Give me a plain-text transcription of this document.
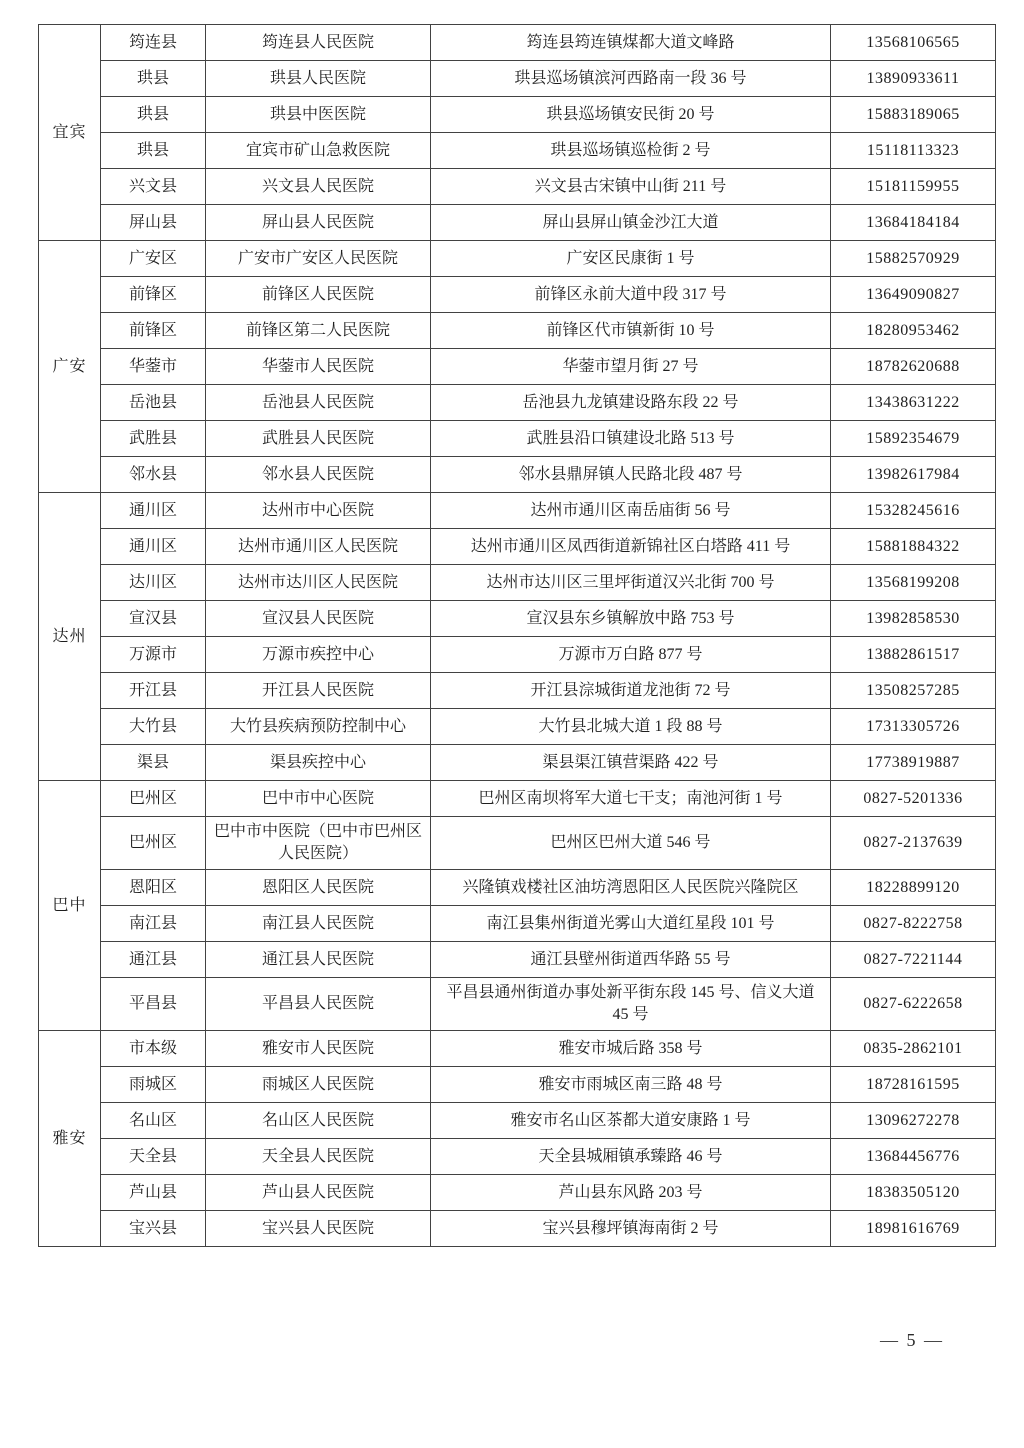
宜宾	筠连县	筠连县人民医院	筠连县筠连镇煤都大道文峰路	13568106565
	珙县	珙县人民医院	珙县巡场镇滨河西路南一段 36 号	13890933611
	珙县	珙县中医医院	珙县巡场镇安民街 20 号	15883189065
	珙县	宜宾市矿山急救医院	珙县巡场镇巡检街 2 号	15118113323
	兴文县	兴文县人民医院	兴文县古宋镇中山街 211 号	15181159955
	屏山县	屏山县人民医院	屏山县屏山镇金沙江大道	13684184184
广安	广安区	广安市广安区人民医院	广安区民康街 1 号	15882570929
	前锋区	前锋区人民医院	前锋区永前大道中段 317 号	13649090827
	前锋区	前锋区第二人民医院	前锋区代市镇新街 10 号	18280953462
	华蓥市	华蓥市人民医院	华蓥市望月街 27 号	18782620688
	岳池县	岳池县人民医院	岳池县九龙镇建设路东段 22 号	13438631222
	武胜县	武胜县人民医院	武胜县沿口镇建设北路 513 号	15892354679
	邻水县	邻水县人民医院	邻水县鼎屏镇人民路北段 487 号	13982617984
达州	通川区	达州市中心医院	达州市通川区南岳庙街 56 号	15328245616
	通川区	达州市通川区人民医院	达州市通川区凤西街道新锦社区白塔路 411 号	15881884322
	达川区	达州市达川区人民医院	达州市达川区三里坪街道汉兴北街 700 号	13568199208
	宣汉县	宣汉县人民医院	宣汉县东乡镇解放中路 753 号	13982858530
	万源市	万源市疾控中心	万源市万白路 877 号	13882861517
	开江县	开江县人民医院	开江县淙城街道龙池街 72 号	13508257285
	大竹县	大竹县疾病预防控制中心	大竹县北城大道 1 段 88 号	17313305726
	渠县	渠县疾控中心	渠县渠江镇营渠路 422 号	17738919887
巴中	巴州区	巴中市中心医院	巴州区南坝将军大道七干支；南池河街 1 号	0827-5201336
	巴州区	巴中市中医院（巴中市巴州区人民医院）	巴州区巴州大道 546 号	0827-2137639
	恩阳区	恩阳区人民医院	兴隆镇戏楼社区油坊湾恩阳区人民医院兴隆院区	18228899120
	南江县	南江县人民医院	南江县集州街道光雾山大道红星段 101 号	0827-8222758
	通江县	通江县人民医院	通江县壁州街道西华路 55 号	0827-7221144
	平昌县	平昌县人民医院	平昌县通州街道办事处新平街东段 145 号、信义大道 45 号	0827-6222658
雅安	市本级	雅安市人民医院	雅安市城后路 358 号	0835-2862101
	雨城区	雨城区人民医院	雅安市雨城区南三路 48 号	18728161595
	名山区	名山区人民医院	雅安市名山区茶都大道安康路 1 号	13096272278
	天全县	天全县人民医院	天全县城厢镇承臻路 46 号	13684456776
	芦山县	芦山县人民医院	芦山县东风路 203 号	18383505120
	宝兴县	宝兴县人民医院	宝兴县穆坪镇海南街 2 号	18981616769
— 5 —
